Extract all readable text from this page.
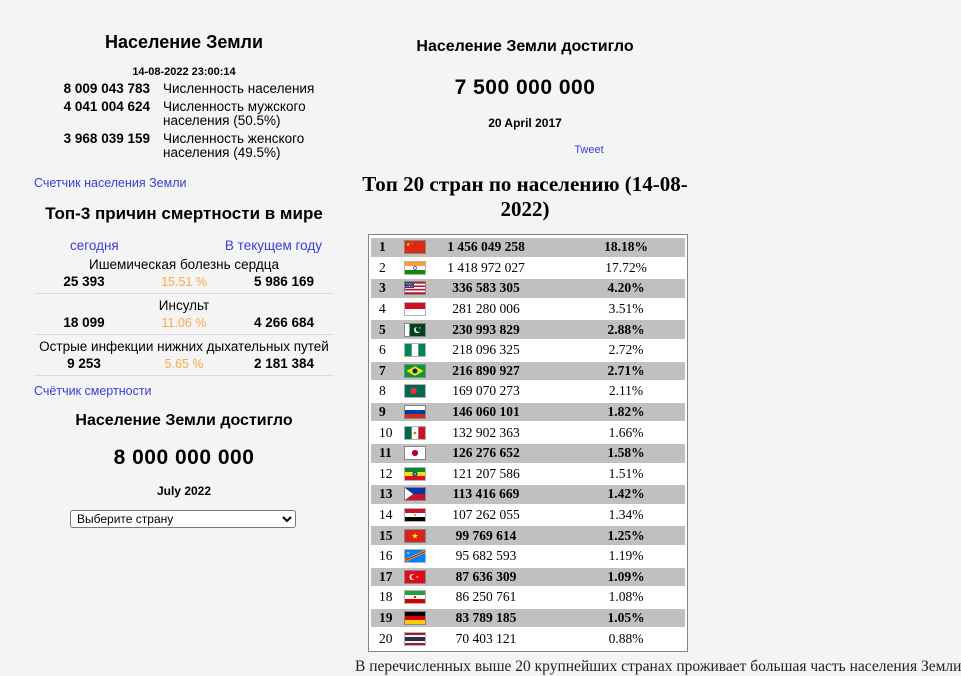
Население Земли
14-08-2022 23:00:14
8 009 043 783 Численность населения
4 041 004 624 Численность мужского населения (50.5%)
3 968 039 159 Численность женского населения (49.5%)
Счетчик населения Земли
Топ-3 причин смертности в мире
сегодня	В текущем году
Ишемическая болезнь сердца
25 393	15.51 %	5 986 169
Инсульт
18 099	11.06 %	4 266 684
Острые инфекции нижних дыхательных путей
9 253	5.65 %	2 181 384
Счётчик смертности
Население Земли достигло
8 000 000 000
July 2022
Выберите страну
Население Земли достигло
7 500 000 000
20 April 2017
Tweet
Топ 20 стран по населению (14-08-2022)
1	1 456 049 258	18.18%
2	1 418 972 027	17.72%
3	336 583 305	4.20%
4	281 280 006	3.51%
5	230 993 829	2.88%
6	218 096 325	2.72%
7	216 890 927	2.71%
8	169 070 273	2.11%
9	146 060 101	1.82%
10	132 902 363	1.66%
11	126 276 652	1.58%
12	121 207 586	1.51%
13	113 416 669	1.42%
14	107 262 055	1.34%
15	99 769 614	1.25%
16	95 682 593	1.19%
17	87 636 309	1.09%
18	86 250 761	1.08%
19	83 789 185	1.05%
20	70 403 121	0.88%
В перечисленных выше 20 крупнейших странах проживает большая часть населения Земли
